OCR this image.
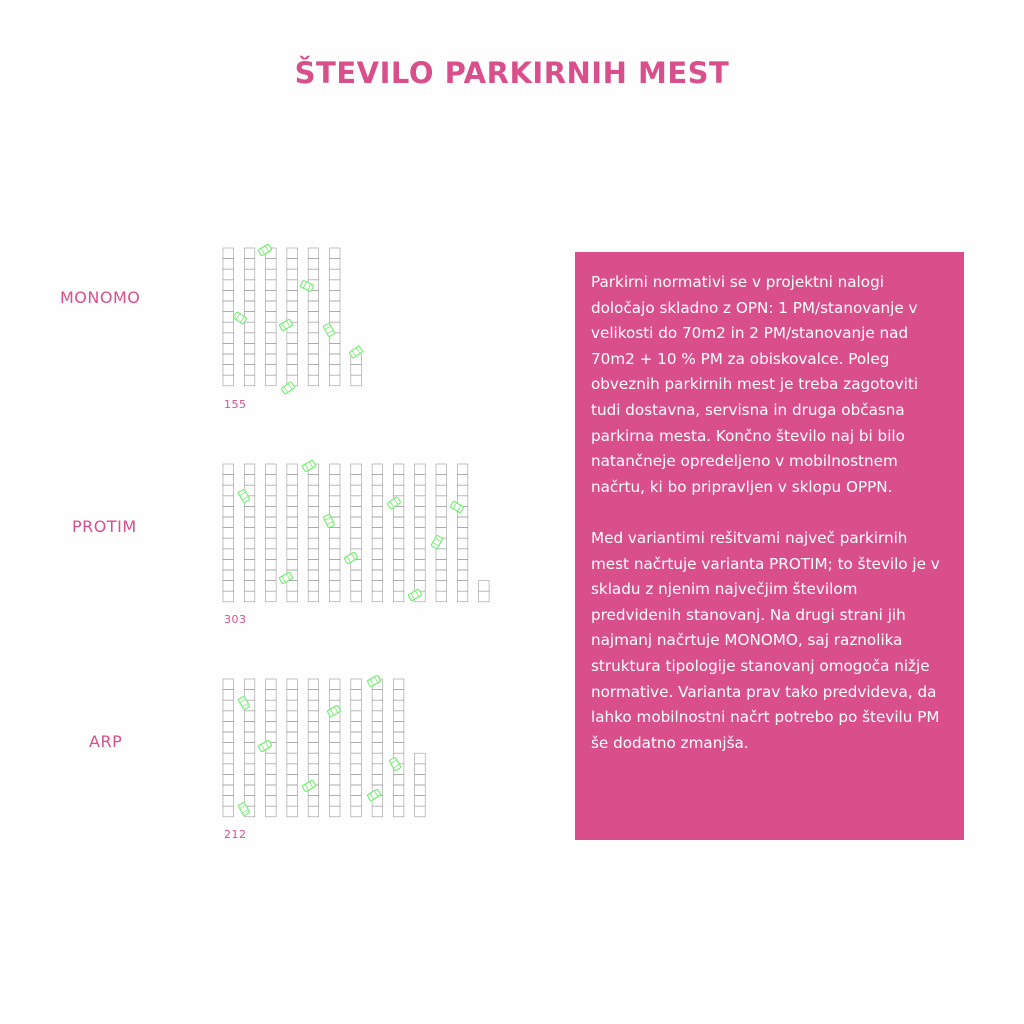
ŠTEVILO PARKIRNIH MEST
MONOMO
155
PROTIM
303
ARP
212

Parkirni normativi se v projektni nalogi določajo skladno z OPN: 1 PM/stanovanje v velikosti do 70m2 in 2 PM/stanovanje nad 70m2 + 10 % PM za obiskovalce. Poleg obveznih parkirnih mest je treba zagotoviti tudi dostavna, servisna in druga občasna parkirna mesta. Končno število naj bi bilo natančneje opredeljeno v mobilnostnem načrtu, ki bo pripravljen v sklopu OPPN.

Med variantimi rešitvami največ parkirnih mest načrtuje varianta PROTIM; to število je v skladu z njenim največjim številom predvidenih stanovanj. Na drugi strani jih najmanj načrtuje MONOMO, saj raznolika struktura tipologije stanovanj omogoča nižje normative. Varianta prav tako predvideva, da lahko mobilnostni načrt potrebo po številu PM še dodatno zmanjša.
